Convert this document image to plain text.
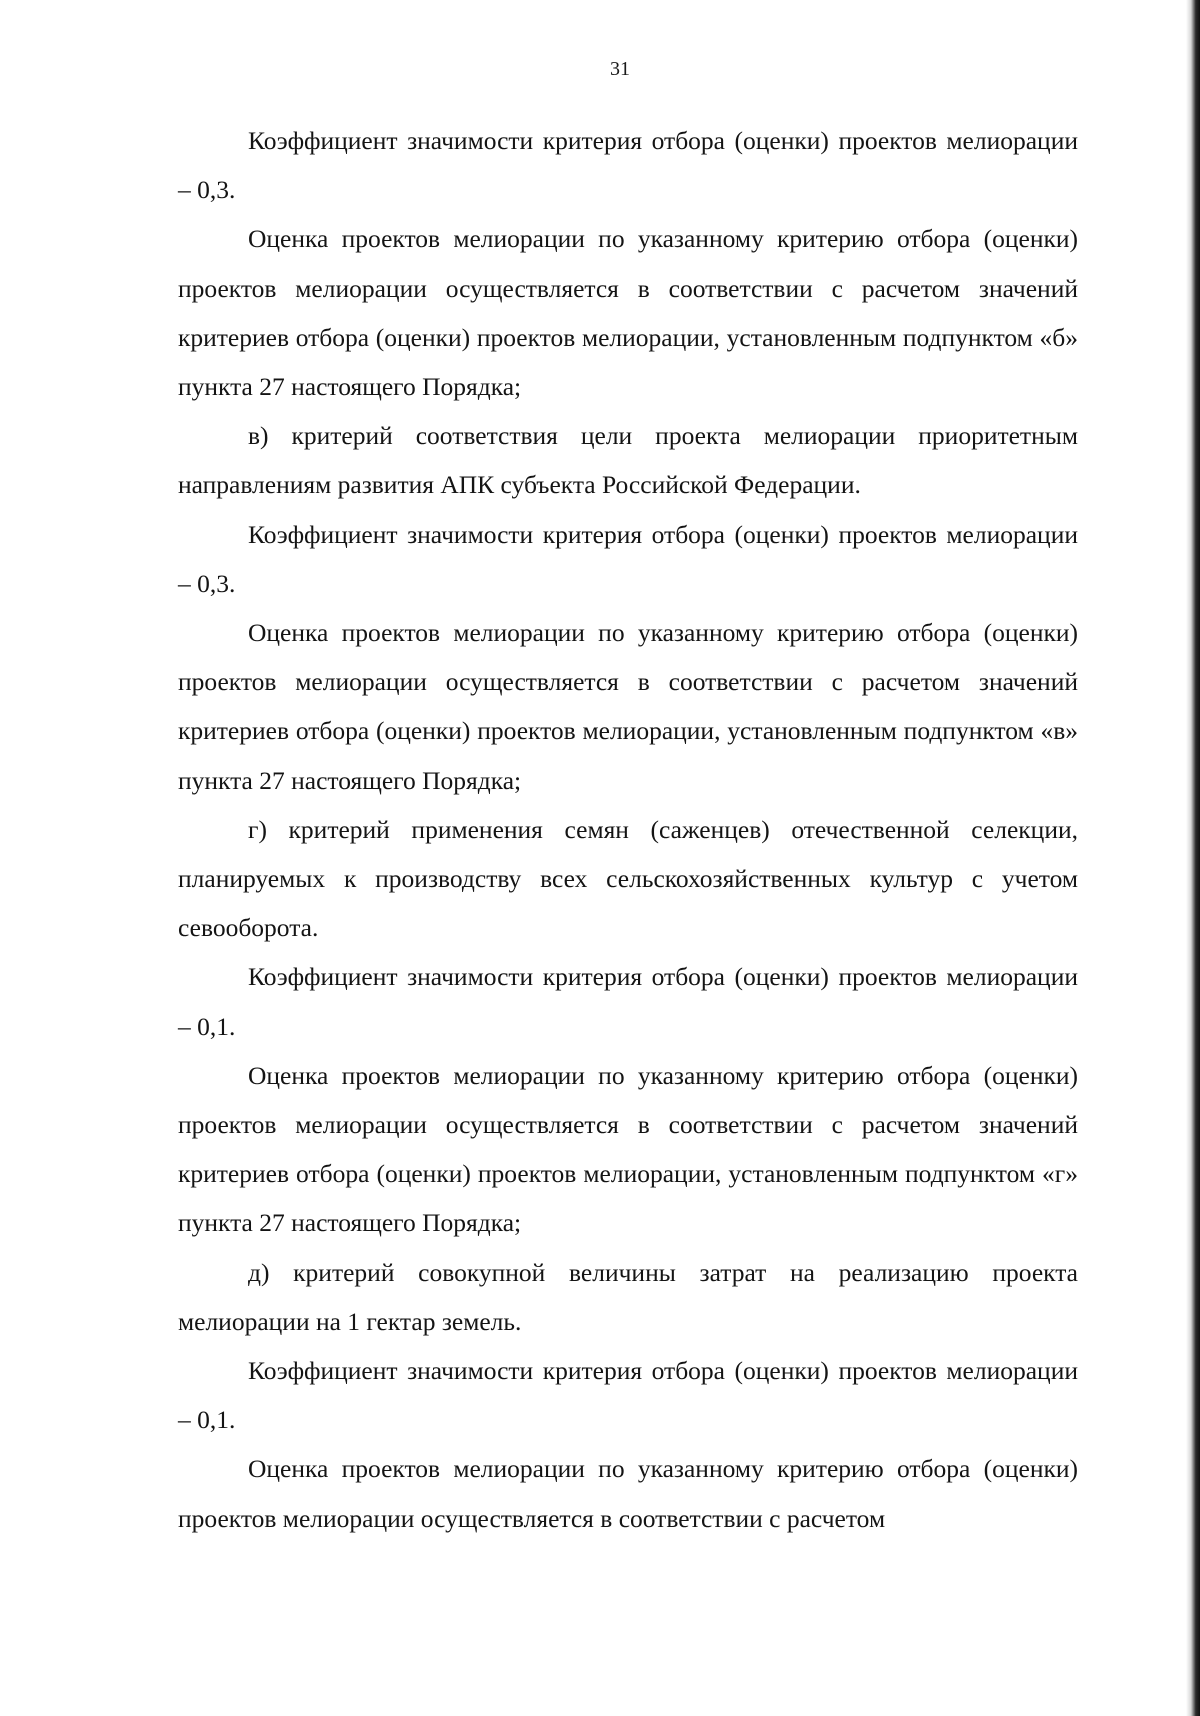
31

Коэффициент значимости критерия отбора (оценки) проектов мелиорации – 0,3.

Оценка проектов мелиорации по указанному критерию отбора (оценки) проектов мелиорации осуществляется в соответствии с расчетом значений критериев отбора (оценки) проектов мелиорации, установленным подпунктом «б» пункта 27 настоящего Порядка;

в) критерий соответствия цели проекта мелиорации приоритетным направлениям развития АПК субъекта Российской Федерации.

Коэффициент значимости критерия отбора (оценки) проектов мелиорации – 0,3.

Оценка проектов мелиорации по указанному критерию отбора (оценки) проектов мелиорации осуществляется в соответствии с расчетом значений критериев отбора (оценки) проектов мелиорации, установленным подпунктом «в» пункта 27 настоящего Порядка;

г) критерий применения семян (саженцев) отечественной селекции, планируемых к производству всех сельскохозяйственных культур с учетом севооборота.

Коэффициент значимости критерия отбора (оценки) проектов мелиорации – 0,1.

Оценка проектов мелиорации по указанному критерию отбора (оценки) проектов мелиорации осуществляется в соответствии с расчетом значений критериев отбора (оценки) проектов мелиорации, установленным подпунктом «г» пункта 27 настоящего Порядка;

д) критерий совокупной величины затрат на реализацию проекта мелиорации на 1 гектар земель.

Коэффициент значимости критерия отбора (оценки) проектов мелиорации – 0,1.

Оценка проектов мелиорации по указанному критерию отбора (оценки) проектов мелиорации осуществляется в соответствии с расчетом
